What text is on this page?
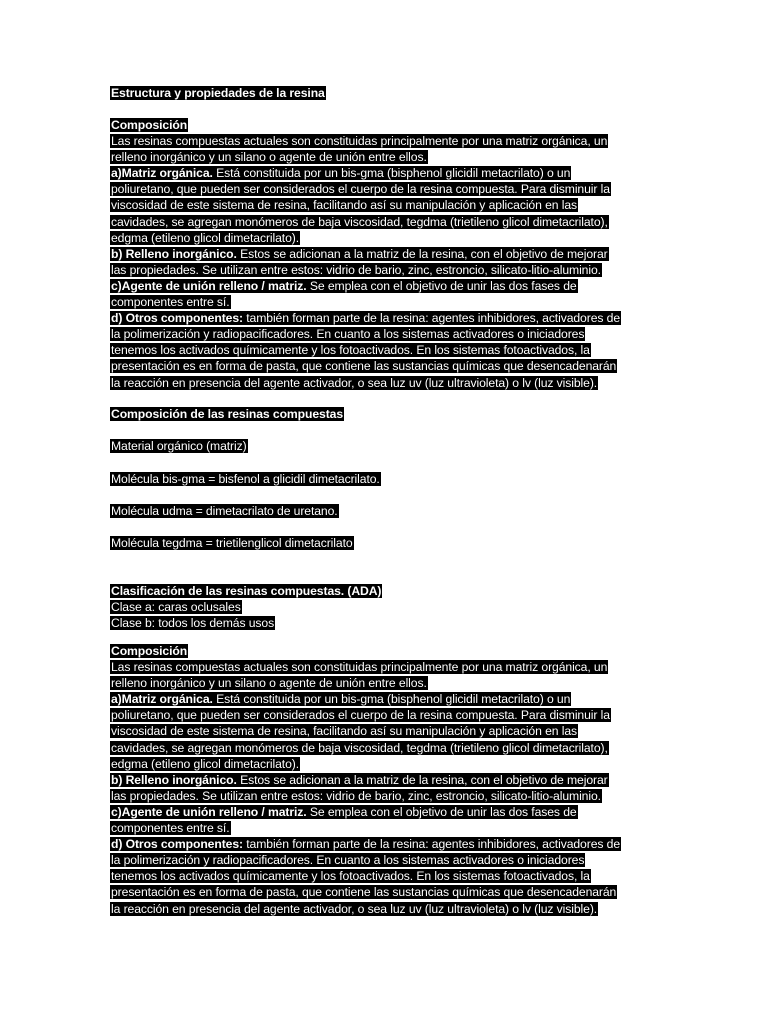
Estructura y propiedades de la resina
Composición
Las resinas compuestas actuales son constituidas principalmente por una matriz orgánica, un
relleno inorgánico y un silano o agente de unión entre ellos.
a)Matriz orgánica. Está constituida por un bis-gma (bisphenol glicidil metacrilato) o un
poliuretano, que pueden ser considerados el cuerpo de la resina compuesta. Para disminuir la
viscosidad de este sistema de resina, facilitando así su manipulación y aplicación en las
cavidades, se agregan monómeros de baja viscosidad, tegdma (trietileno glicol dimetacrilato),
edgma (etileno glicol dimetacrilato).
b) Relleno inorgánico. Estos se adicionan a la matriz de la resina, con el objetivo de mejorar
las propiedades. Se utilizan entre estos: vidrio de bario, zinc, estroncio, silicato-litio-aluminio.
c)Agente de unión relleno / matriz. Se emplea con el objetivo de unir las dos fases de
componentes entre sí.
d) Otros componentes: también forman parte de la resina: agentes inhibidores, activadores de
la polimerización y radiopacificadores. En cuanto a los sistemas activadores o iniciadores
tenemos los activados químicamente y los fotoactivados. En los sistemas fotoactivados, la
presentación es en forma de pasta, que contiene las sustancias químicas que desencadenarán
la reacción en presencia del agente activador, o sea luz uv (luz ultravioleta) o lv (luz visible).
Composición de las resinas compuestas
Material orgánico (matriz)
Molécula bis-gma = bisfenol a glicidil dimetacrilato.
Molécula udma = dimetacrilato de uretano.
Molécula tegdma = trietilenglicol dimetacrilato
Clasificación de las resinas compuestas. (ADA)
Clase a: caras oclusales
Clase b: todos los demás usos
Composición
Las resinas compuestas actuales son constituidas principalmente por una matriz orgánica, un
relleno inorgánico y un silano o agente de unión entre ellos.
a)Matriz orgánica. Está constituida por un bis-gma (bisphenol glicidil metacrilato) o un
poliuretano, que pueden ser considerados el cuerpo de la resina compuesta. Para disminuir la
viscosidad de este sistema de resina, facilitando así su manipulación y aplicación en las
cavidades, se agregan monómeros de baja viscosidad, tegdma (trietileno glicol dimetacrilato),
edgma (etileno glicol dimetacrilato).
b) Relleno inorgánico. Estos se adicionan a la matriz de la resina, con el objetivo de mejorar
las propiedades. Se utilizan entre estos: vidrio de bario, zinc, estroncio, silicato-litio-aluminio.
c)Agente de unión relleno / matriz. Se emplea con el objetivo de unir las dos fases de
componentes entre sí.
d) Otros componentes: también forman parte de la resina: agentes inhibidores, activadores de
la polimerización y radiopacificadores. En cuanto a los sistemas activadores o iniciadores
tenemos los activados químicamente y los fotoactivados. En los sistemas fotoactivados, la
presentación es en forma de pasta, que contiene las sustancias químicas que desencadenarán
la reacción en presencia del agente activador, o sea luz uv (luz ultravioleta) o lv (luz visible).
